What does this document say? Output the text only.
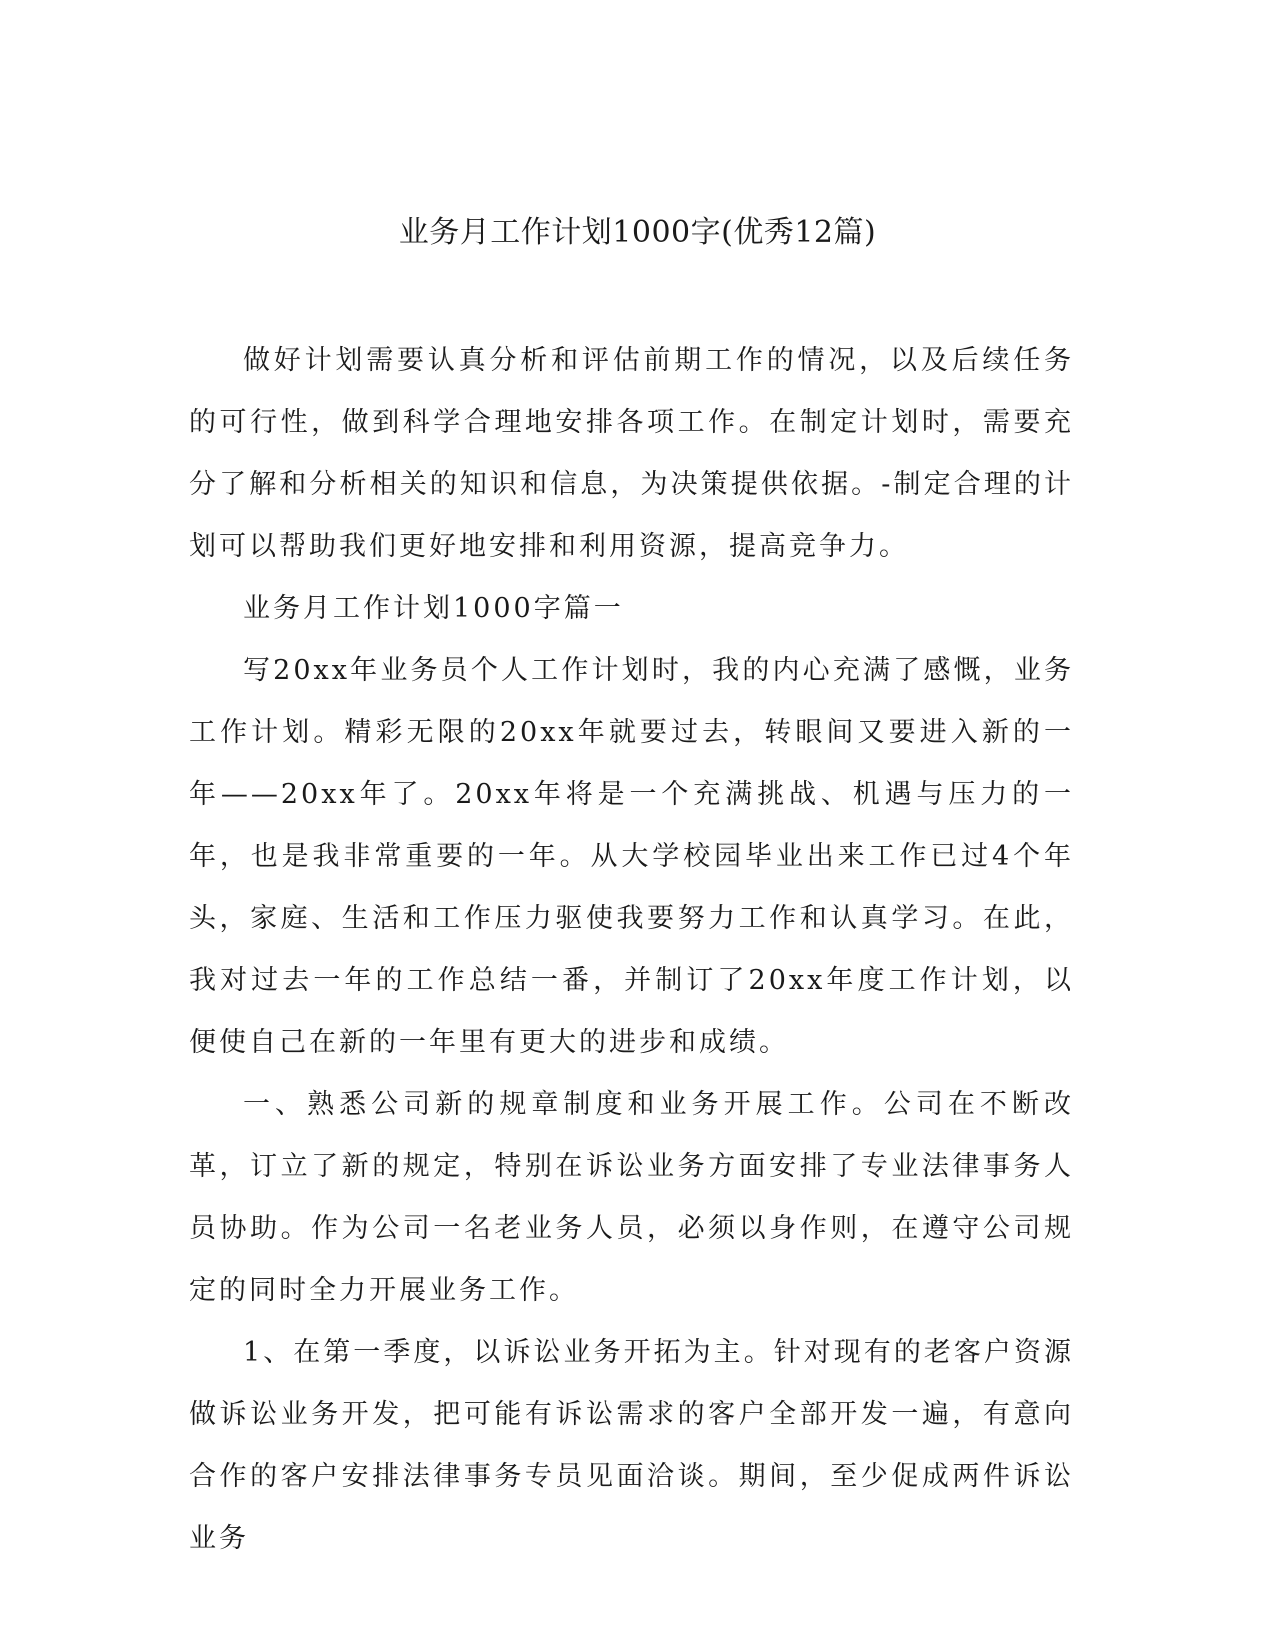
业务月工作计划1000字(优秀12篇)

做好计划需要认真分析和评估前期工作的情况，以及后续任务的可行性，做到科学合理地安排各项工作。在制定计划时，需要充分了解和分析相关的知识和信息，为决策提供依据。-制定合理的计划可以帮助我们更好地安排和利用资源，提高竞争力。

业务月工作计划1000字篇一

写20xx年业务员个人工作计划时，我的内心充满了感慨，业务工作计划。精彩无限的20xx年就要过去，转眼间又要进入新的一年——20xx年了。20xx年将是一个充满挑战、机遇与压力的一年，也是我非常重要的一年。从大学校园毕业出来工作已过4个年头，家庭、生活和工作压力驱使我要努力工作和认真学习。在此，我对过去一年的工作总结一番，并制订了20xx年度工作计划，以便使自己在新的一年里有更大的进步和成绩。

一、熟悉公司新的规章制度和业务开展工作。公司在不断改革，订立了新的规定，特别在诉讼业务方面安排了专业法律事务人员协助。作为公司一名老业务人员，必须以身作则，在遵守公司规定的同时全力开展业务工作。

1、在第一季度，以诉讼业务开拓为主。针对现有的老客户资源做诉讼业务开发，把可能有诉讼需求的客户全部开发一遍，有意向合作的客户安排法律事务专员见面洽谈。期间，至少促成两件诉讼业务
